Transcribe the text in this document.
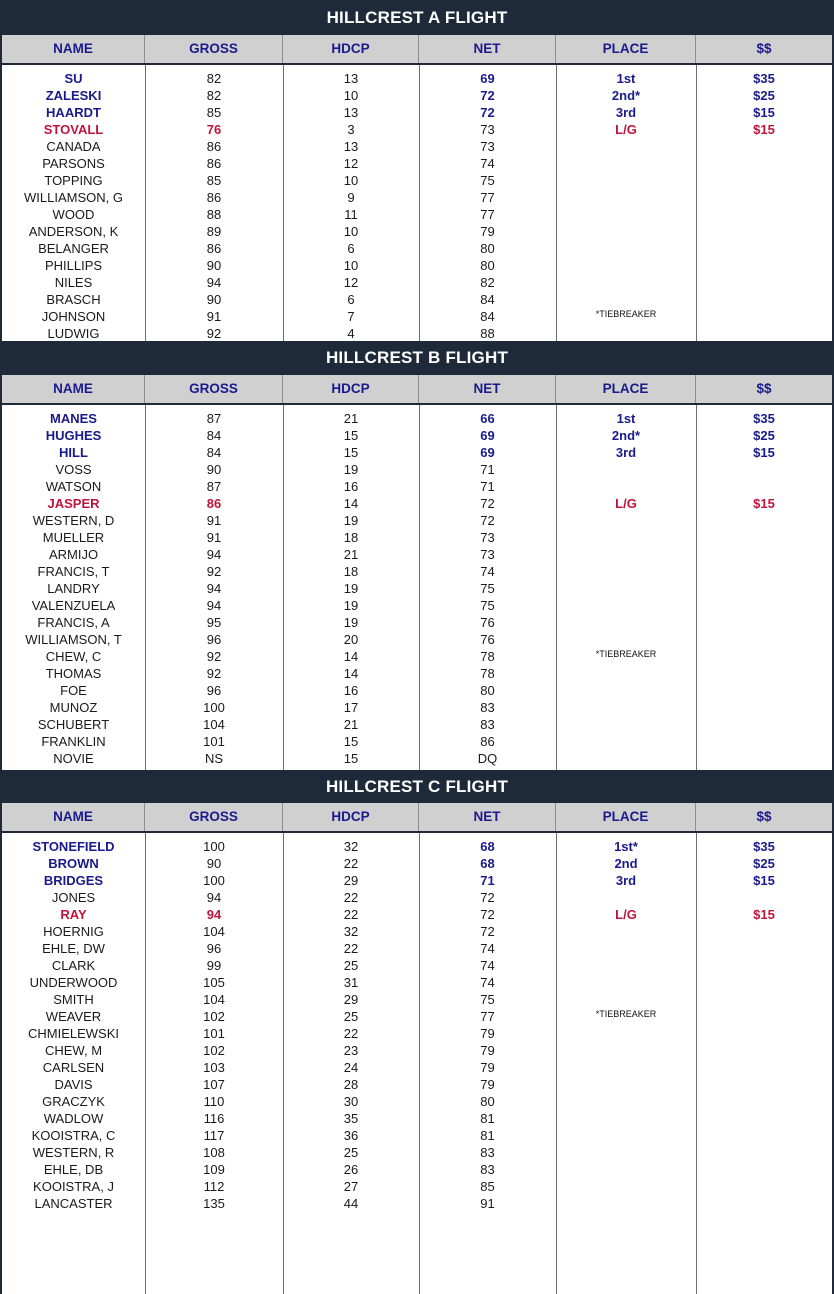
HILLCREST A FLIGHT
NAME	GROSS	HDCP	NET	PLACE	$$
SU	82	13	69	1st	$35
ZALESKI	82	10	72	2nd*	$25
HAARDT	85	13	72	3rd	$15
STOVALL	76	3	73	L/G	$15
CANADA	86	13	73
PARSONS	86	12	74
TOPPING	85	10	75
WILLIAMSON, G	86	9	77
WOOD	88	11	77
ANDERSON, K	89	10	79
BELANGER	86	6	80
PHILLIPS	90	10	80
NILES	94	12	82
BRASCH	90	6	84
JOHNSON	91	7	84
LUDWIG	92	4	88
*TIEBREAKER
HILLCREST B FLIGHT
NAME	GROSS	HDCP	NET	PLACE	$$
MANES	87	21	66	1st	$35
HUGHES	84	15	69	2nd*	$25
HILL	84	15	69	3rd	$15
VOSS	90	19	71
WATSON	87	16	71
JASPER	86	14	72	L/G	$15
WESTERN, D	91	19	72
MUELLER	91	18	73
ARMIJO	94	21	73
FRANCIS, T	92	18	74
LANDRY	94	19	75
VALENZUELA	94	19	75
FRANCIS, A	95	19	76
WILLIAMSON, T	96	20	76
CHEW, C	92	14	78
THOMAS	92	14	78
FOE	96	16	80
MUNOZ	100	17	83
SCHUBERT	104	21	83
FRANKLIN	101	15	86
NOVIE	NS	15	DQ
*TIEBREAKER
HILLCREST C FLIGHT
NAME	GROSS	HDCP	NET	PLACE	$$
STONEFIELD	100	32	68	1st*	$35
BROWN	90	22	68	2nd	$25
BRIDGES	100	29	71	3rd	$15
JONES	94	22	72
RAY	94	22	72	L/G	$15
HOERNIG	104	32	72
EHLE, DW	96	22	74
CLARK	99	25	74
UNDERWOOD	105	31	74
SMITH	104	29	75
WEAVER	102	25	77
CHMIELEWSKI	101	22	79
CHEW, M	102	23	79
CARLSEN	103	24	79
DAVIS	107	28	79
GRACZYK	110	30	80
WADLOW	116	35	81
KOOISTRA, C	117	36	81
WESTERN, R	108	25	83
EHLE, DB	109	26	83
KOOISTRA, J	112	27	85
LANCASTER	135	44	91
*TIEBREAKER
